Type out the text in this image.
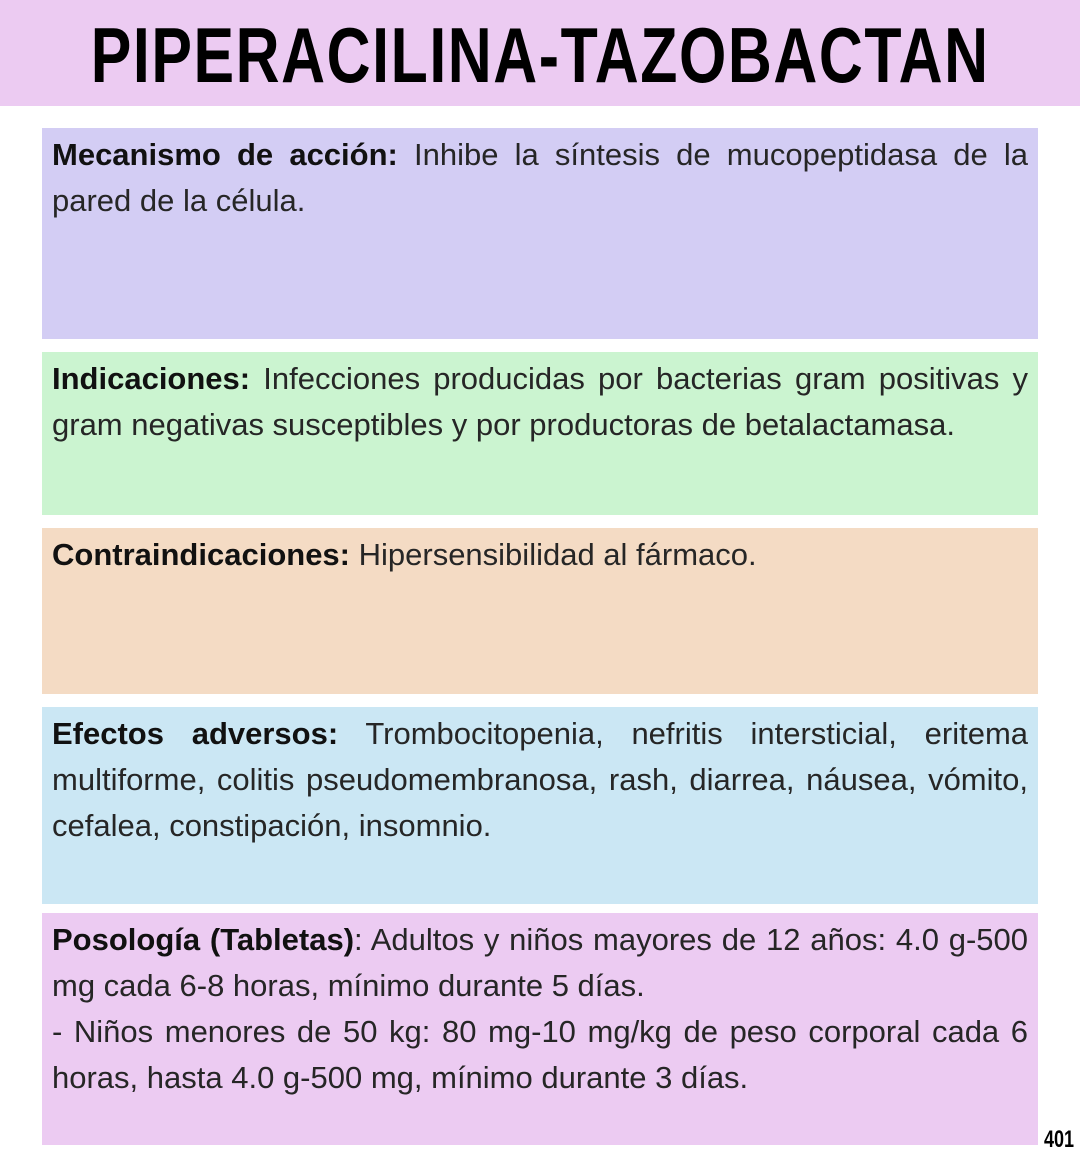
PIPERACILINA-TAZOBACTAN
Mecanismo de acción: Inhibe la síntesis de mucopeptidasa de la pared de la célula.
Indicaciones: Infecciones producidas por bacterias gram positivas y gram negativas susceptibles y por productoras de betalactamasa.
Contraindicaciones: Hipersensibilidad al fármaco.
Efectos adversos: Trombocitopenia, nefritis intersticial, eritema multiforme, colitis pseudomembranosa, rash, diarrea, náusea, vómito, cefalea, constipación, insomnio.
Posología (Tabletas): Adultos y niños mayores de 12 años: 4.0 g-500 mg cada 6-8 horas, mínimo durante 5 días.
- Niños menores de 50 kg: 80 mg-10 mg/kg de peso corporal cada 6 horas, hasta 4.0 g-500 mg, mínimo durante 3 días.
401
